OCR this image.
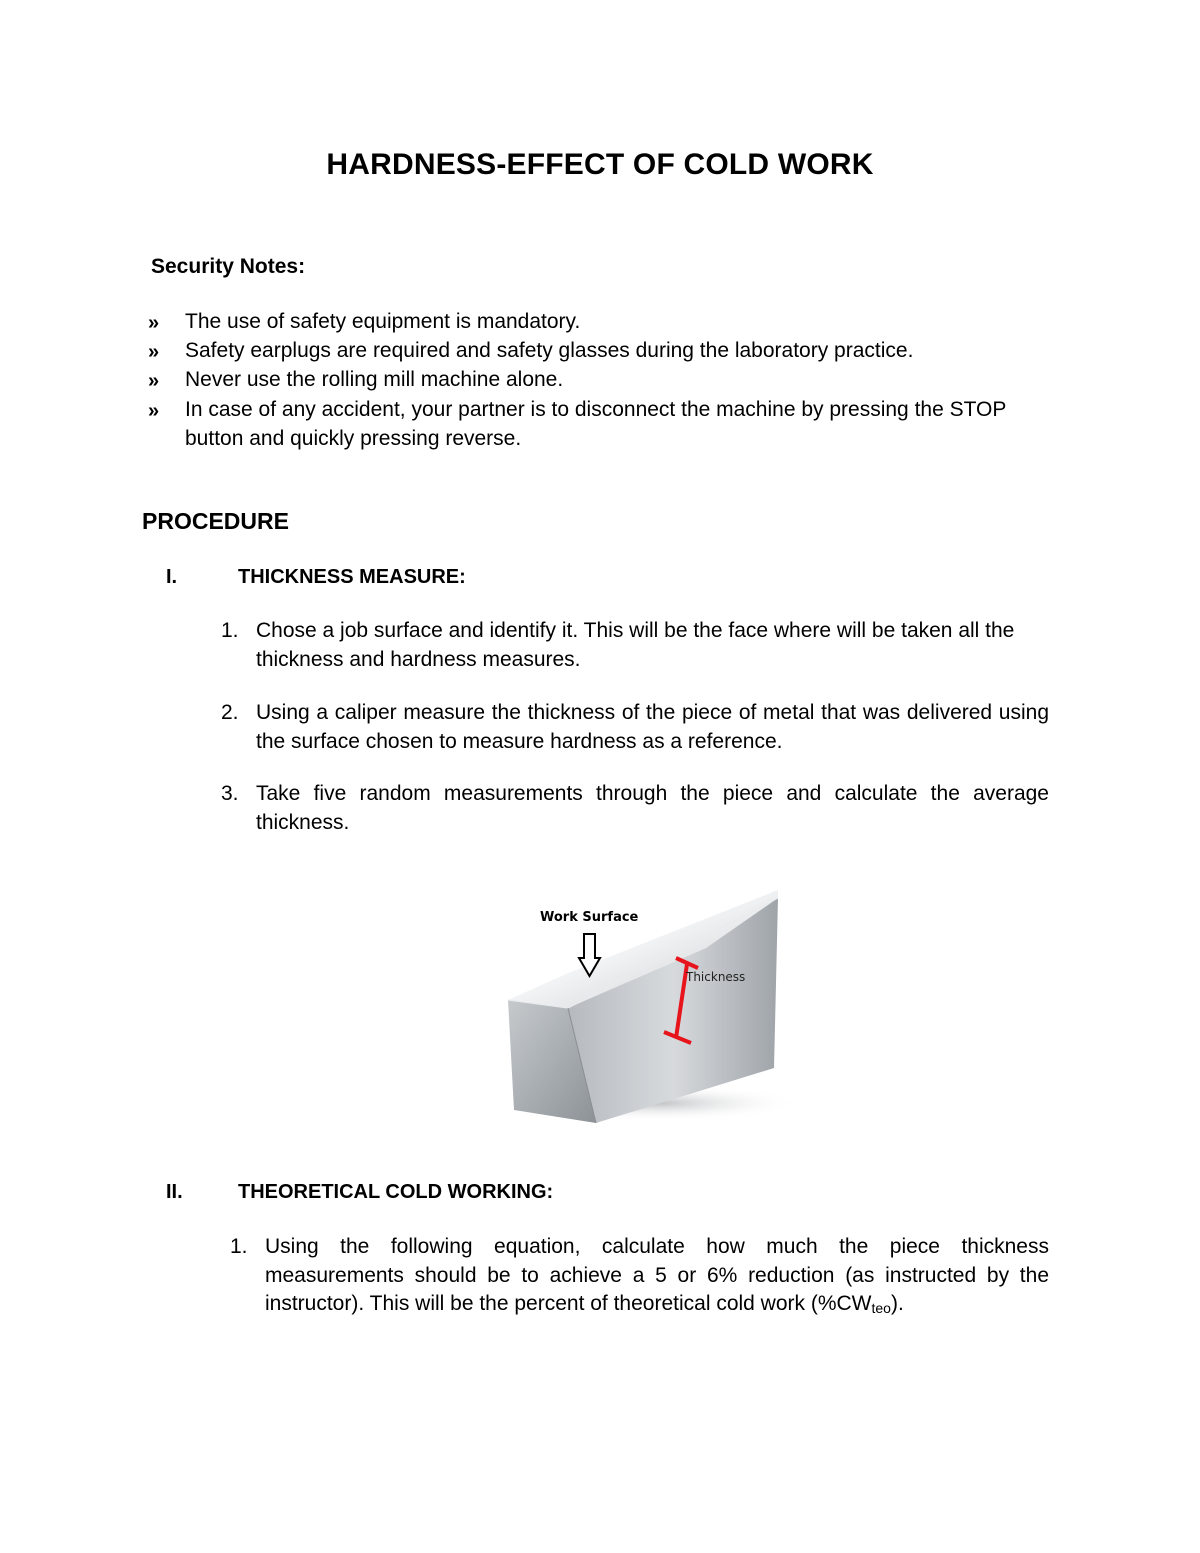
HARDNESS-EFFECT OF COLD WORK
Security Notes:
» The use of safety equipment is mandatory.
» Safety earplugs are required and safety glasses during the laboratory practice.
» Never use the rolling mill machine alone.
» In case of any accident, your partner is to disconnect the machine by pressing the STOP button and quickly pressing reverse.
PROCEDURE
I.	THICKNESS MEASURE:
1. Chose a job surface and identify it. This will be the face where will be taken all the thickness and hardness measures.
2. Using a caliper measure the thickness of the piece of metal that was delivered using the surface chosen to measure hardness as a reference.
3. Take five random measurements through the piece and calculate the average thickness.
Work Surface
Thickness
II.	THEORETICAL COLD WORKING:
1. Using the following equation, calculate how much the piece thickness measurements should be to achieve a 5 or 6% reduction (as instructed by the instructor). This will be the percent of theoretical cold work $(\%CW_{teo})$.
